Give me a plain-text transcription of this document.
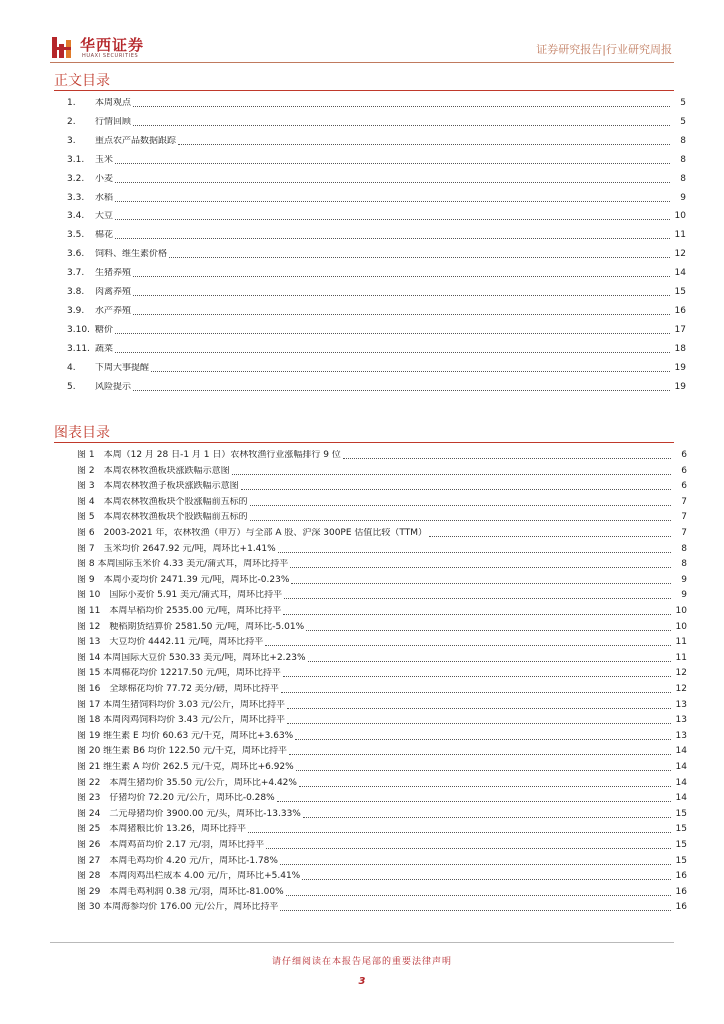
华西证券
HUAXI SECURITIES	证券研究报告|行业研究周报
正文目录
1.	本周观点	5
2.	行情回顾	5
3.	重点农产品数据跟踪	8
3.1.	玉米	8
3.2.	小麦	8
3.3.	水稻	9
3.4.	大豆	10
3.5.	棉花	11
3.6.	饲料、维生素价格	12
3.7.	生猪养殖	14
3.8.	肉禽养殖	15
3.9.	水产养殖	16
3.10. 糖价	17
3.11. 蔬菜	18
4.	下周大事提醒	19
5.	风险提示	19
图表目录
图 1　本周（12 月 28 日-1 月 1 日）农林牧渔行业涨幅排行 9 位	6
图 2　本周农林牧渔板块涨跌幅示意图	6
图 3　本周农林牧渔子板块涨跌幅示意图	6
图 4　本周农林牧渔板块个股涨幅前五标的	7
图 5　本周农林牧渔板块个股跌幅前五标的	7
图 6　2003-2021 年，农林牧渔（申万）与全部 A 股、沪深 300PE 估值比较（TTM）	7
图 7　玉米均价 2647.92 元/吨，周环比+1.41%	8
图 8 本周国际玉米价 4.33 美元/蒲式耳，周环比持平	8
图 9　本周小麦均价 2471.39 元/吨，周环比-0.23%	9
图 10　国际小麦价 5.91 美元/蒲式耳，周环比持平	9
图 11　本周早稻均价 2535.00 元/吨，周环比持平	10
图 12　粳稻期货结算价 2581.50 元/吨，周环比-5.01%	10
图 13　大豆均价 4442.11 元/吨，周环比持平	11
图 14 本周国际大豆价 530.33 美元/吨，周环比+2.23%	11
图 15 本周棉花均价 12217.50 元/吨，周环比持平	12
图 16　全球棉花均价 77.72 美分/磅，周环比持平	12
图 17 本周生猪饲料均价 3.03 元/公斤，周环比持平	13
图 18 本周肉鸡饲料均价 3.43 元/公斤，周环比持平	13
图 19 维生素 E 均价 60.63 元/千克，周环比+3.63%	13
图 20 维生素 B6 均价 122.50 元/千克，周环比持平	14
图 21 维生素 A 均价 262.5 元/千克，周环比+6.92%	14
图 22　本周生猪均价 35.50 元/公斤，周环比+4.42%	14
图 23　仔猪均价 72.20 元/公斤，周环比-0.28%	14
图 24　二元母猪均价 3900.00 元/头，周环比-13.33%	15
图 25　本周猪粮比价 13.26，周环比持平	15
图 26　本周鸡苗均价 2.17 元/羽，周环比持平	15
图 27　本周毛鸡均价 4.20 元/斤，周环比-1.78%	15
图 28　本周肉鸡出栏成本 4.00 元/斤，周环比+5.41%	16
图 29　本周毛鸡利润 0.38 元/羽，周环比-81.00%	16
图 30 本周海参均价 176.00 元/公斤，周环比持平	16
请仔细阅读在本报告尾部的重要法律声明
3
